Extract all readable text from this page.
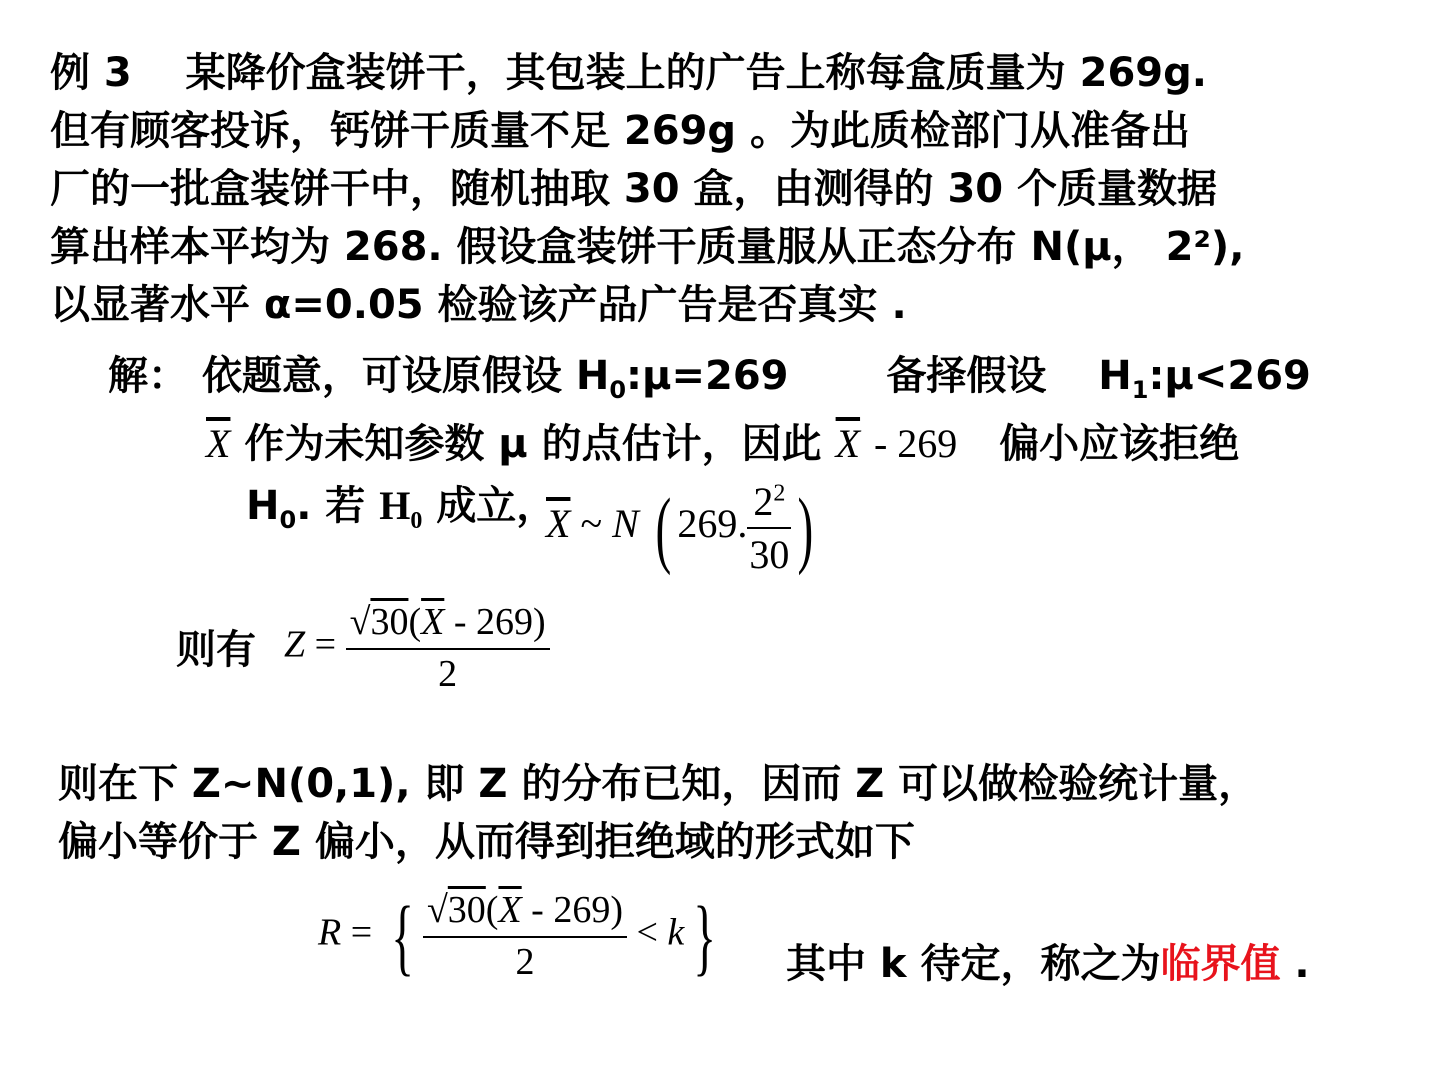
例 3　 某降价盒装饼干，其包装上的广告上称每盒质量为 269g.
但有顾客投诉，钙饼干质量不足 269g 。为此质检部门从准备出
厂的一批盒装饼干中，随机抽取 30 盒，由测得的 30 个质量数据
算出样本平均为 268. 假设盒装饼干质量服从正态分布 N(μ， 2²),
以显著水平 α=0.05 检验该产品广告是否真实 .
解： 依题意，可设原假设 $H_0:\mu=269$ 备择假设 $H_1:\mu<269$
$\overline{X}$ 作为未知参数 μ 的点估计，因此 $\overline{X} - 269$ 偏小应该拒绝
$H_0$. 若 $H_0$ 成立，
$\overline{X}$ ~ N ( 269. $\frac{2^2}{30}$ )
则有 $Z = \frac{√30(\overline{X} - 269)}{2}$
则在下 Z~N(0,1), 即 Z 的分布已知，因而 Z 可以做检验统计量，
偏小等价于 Z 偏小，从而得到拒绝域的形式如下
R = { $\frac{√30(\overline{X} - 269)}{2} < k$ } 其中 k 待定，称之为临界值 .
